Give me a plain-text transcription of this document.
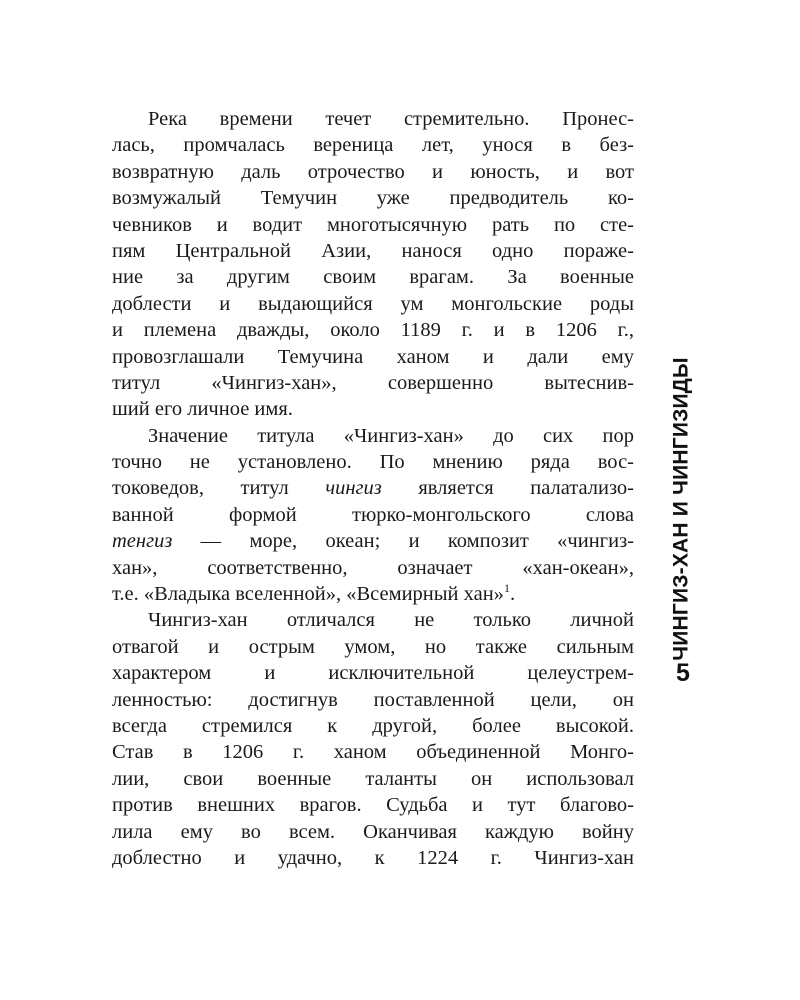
Река времени течет стремительно. Пронес-
лась, промчалась вереница лет, унося в без-
возвратную даль отрочество и юность, и вот
возмужалый Темучин уже предводитель ко-
чевников и водит многотысячную рать по сте-
пям Центральной Азии, нанося одно пораже-
ние за другим своим врагам. За военные
доблести и выдающийся ум монгольские роды
и племена дважды, около 1189 г. и в 1206 г.,
провозглашали Темучина ханом и дали ему
титул «Чингиз-хан», совершенно вытеснив-
ший его личное имя.
Значение титула «Чингиз-хан» до сих пор
точно не установлено. По мнению ряда вос-
токоведов, титул чингиз является палатализо-
ванной формой тюрко-монгольского слова
тенгиз — море, океан; и композит «чингиз-
хан», соответственно, означает «хан-океан»,
т.е. «Владыка вселенной», «Всемирный хан»$^1$.
Чингиз-хан отличался не только личной
отвагой и острым умом, но также сильным
характером и исключительной целеустрем-
ленностью: достигнув поставленной цели, он
всегда стремился к другой, более высокой.
Став в 1206 г. ханом объединенной Монго-
лии, свои военные таланты он использовал
против внешних врагов. Судьба и тут благово-
лила ему во всем. Оканчивая каждую войну
доблестно и удачно, к 1224 г. Чингиз-хан
ЧИНГИЗ-ХАН И ЧИНГИЗИДЫ
5
